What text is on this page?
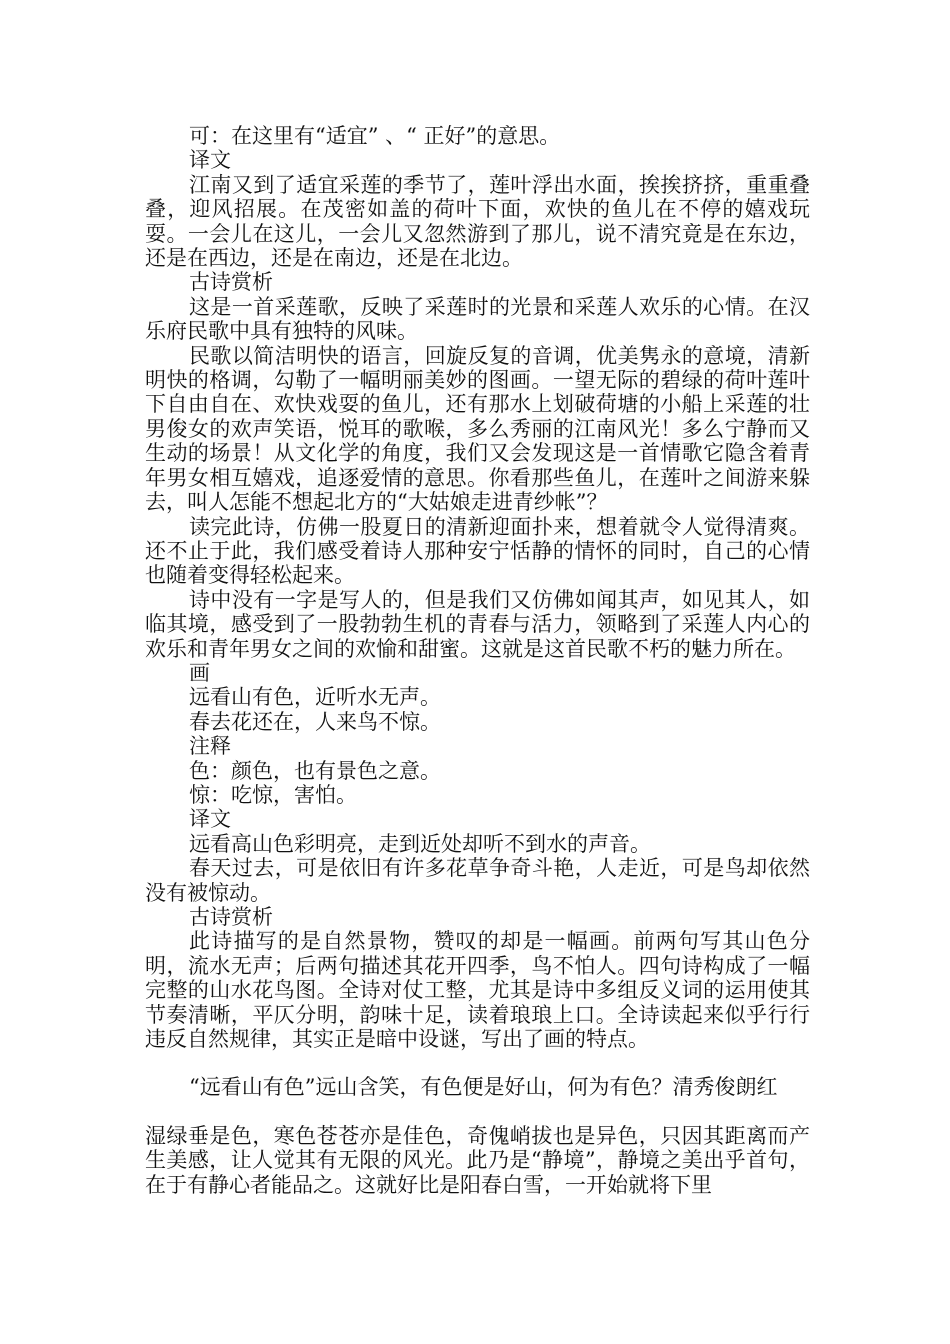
可：在这里有“适宜” 、“ 正好”的意思。

译文

江南又到了适宜采莲的季节了，莲叶浮出水面，挨挨挤挤，重重叠叠，迎风招展。在茂密如盖的荷叶下面，欢快的鱼儿在不停的嬉戏玩耍。一会儿在这儿，一会儿又忽然游到了那儿，说不清究竟是在东边，还是在西边，还是在南边，还是在北边。

古诗赏析

这是一首采莲歌，反映了采莲时的光景和采莲人欢乐的心情。在汉乐府民歌中具有独特的风味。

民歌以简洁明快的语言，回旋反复的音调，优美隽永的意境，清新明快的格调，勾勒了一幅明丽美妙的图画。一望无际的碧绿的荷叶莲叶下自由自在、欢快戏耍的鱼儿，还有那水上划破荷塘的小船上采莲的壮男俊女的欢声笑语，悦耳的歌喉，多么秀丽的江南风光！多么宁静而又生动的场景！从文化学的角度，我们又会发现这是一首情歌它隐含着青年男女相互嬉戏，追逐爱情的意思。你看那些鱼儿，在莲叶之间游来躲去，叫人怎能不想起北方的“大姑娘走进青纱帐”？

读完此诗，仿佛一股夏日的清新迎面扑来，想着就令人觉得清爽。还不止于此，我们感受着诗人那种安宁恬静的情怀的同时，自己的心情也随着变得轻松起来。

诗中没有一字是写人的，但是我们又仿佛如闻其声，如见其人，如临其境，感受到了一股勃勃生机的青春与活力，领略到了采莲人内心的欢乐和青年男女之间的欢愉和甜蜜。这就是这首民歌不朽的魅力所在。

画

远看山有色，近听水无声。

春去花还在，人来鸟不惊。

注释

色：颜色，也有景色之意。

惊：吃惊，害怕。

译文

远看高山色彩明亮，走到近处却听不到水的声音。

春天过去，可是依旧有许多花草争奇斗艳，人走近，可是鸟却依然没有被惊动。

古诗赏析

此诗描写的是自然景物，赞叹的却是一幅画。前两句写其山色分明，流水无声；后两句描述其花开四季，鸟不怕人。四句诗构成了一幅完整的山水花鸟图。全诗对仗工整，尤其是诗中多组反义词的运用使其节奏清晰，平仄分明，韵味十足，读着琅琅上口。全诗读起来似乎行行违反自然规律，其实正是暗中设谜，写出了画的特点。

“远看山有色”远山含笑，有色便是好山，何为有色？清秀俊朗红

湿绿垂是色，寒色苍苍亦是佳色，奇傀峭拔也是异色，只因其距离而产生美感，让人觉其有无限的风光。此乃是“静境”，静境之美出乎首句，在于有静心者能品之。这就好比是阳春白雪，一开始就将下里
